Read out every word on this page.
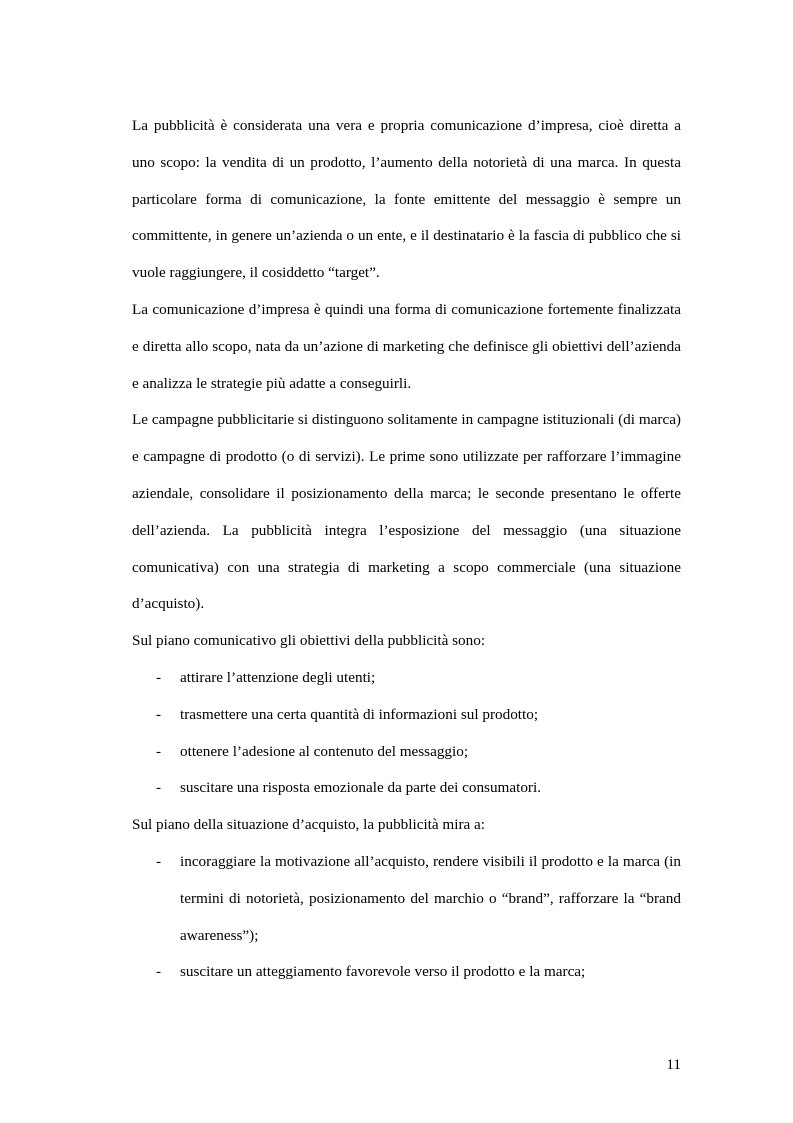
La pubblicità è considerata una vera e propria comunicazione d’impresa, cioè diretta a uno scopo: la vendita di un prodotto, l’aumento della notorietà di una marca. In questa particolare forma di comunicazione, la fonte emittente del messaggio è sempre un committente, in genere un’azienda o un ente, e il destinatario è la fascia di pubblico che si vuole raggiungere, il cosiddetto “target”.

La comunicazione d’impresa è quindi una forma di comunicazione fortemente finalizzata e diretta allo scopo, nata da un’azione di marketing che definisce gli obiettivi dell’azienda e analizza le strategie più adatte a conseguirli.

Le campagne pubblicitarie si distinguono solitamente in campagne istituzionali (di marca) e campagne di prodotto (o di servizi). Le prime sono utilizzate per rafforzare l’immagine aziendale, consolidare il posizionamento della marca; le seconde presentano le offerte dell’azienda. La pubblicità integra l’esposizione del messaggio (una situazione comunicativa) con una strategia di marketing a scopo commerciale (una situazione d’acquisto).

Sul piano comunicativo gli obiettivi della pubblicità sono:

- attirare l’attenzione degli utenti;
- trasmettere una certa quantità di informazioni sul prodotto;
- ottenere l’adesione al contenuto del messaggio;
- suscitare una risposta emozionale da parte dei consumatori.

Sul piano della situazione d’acquisto, la pubblicità mira a:

- incoraggiare la motivazione all’acquisto, rendere visibili il prodotto e la marca (in termini di notorietà, posizionamento del marchio o “brand”, rafforzare la “brand awareness”);
- suscitare un atteggiamento favorevole verso il prodotto e la marca;
11
